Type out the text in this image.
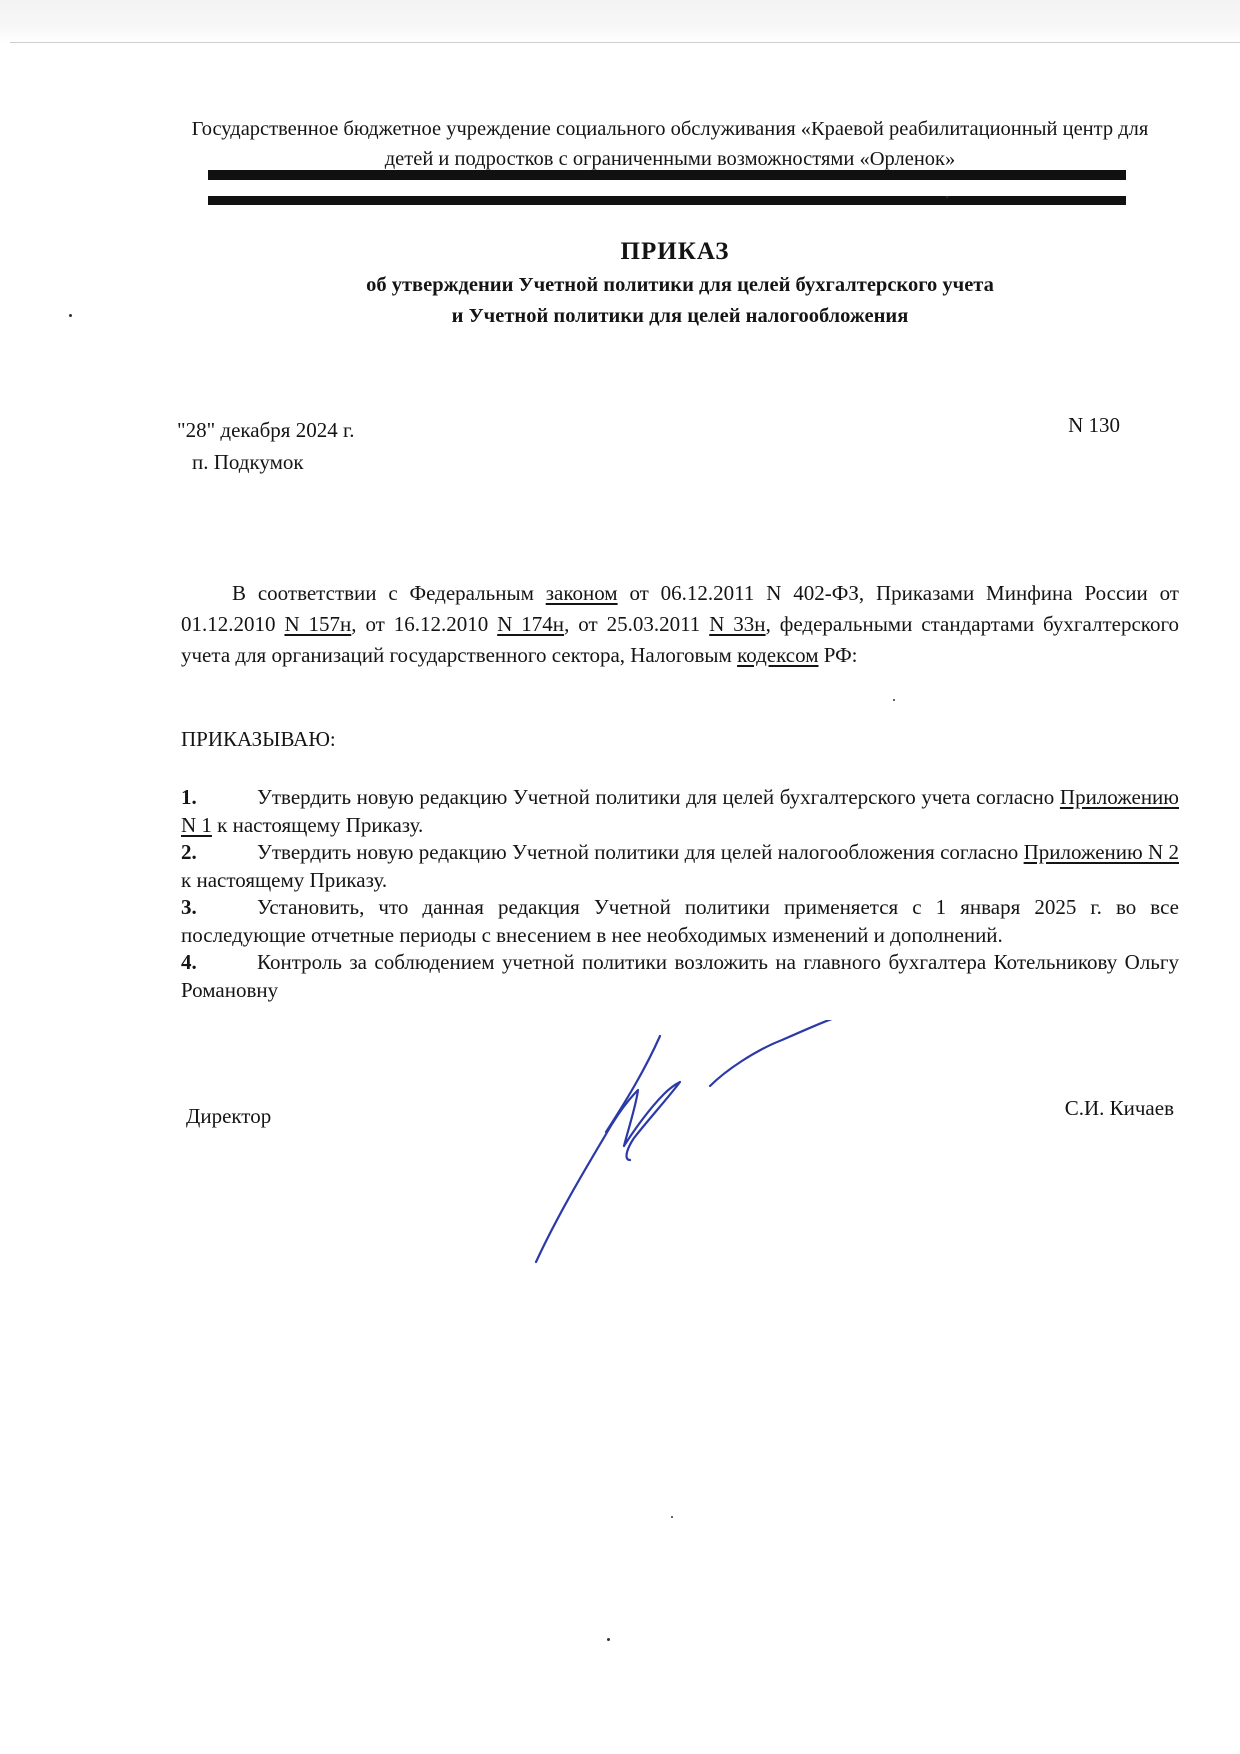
Государственное бюджетное учреждение социального обслуживания «Краевой реабилитационный центр для детей и подростков с ограниченными возможностями «Орленок»
ПРИКАЗ
об утверждении Учетной политики для целей бухгалтерского учета
и Учетной политики для целей налогообложения
"28" декабря 2024 г.
п. Подкумок
N 130
В соответствии с Федеральным законом от 06.12.2011 N 402-ФЗ, Приказами Минфина России от 01.12.2010 N 157н, от 16.12.2010 N 174н, от 25.03.2011 N 33н, федеральными стандартами бухгалтерского учета для организаций государственного сектора, Налоговым кодексом РФ:
ПРИКАЗЫВАЮ:
1.	Утвердить новую редакцию Учетной политики для целей бухгалтерского учета согласно Приложению N 1 к настоящему Приказу.
2.	Утвердить новую редакцию Учетной политики для целей налогообложения согласно Приложению N 2 к настоящему Приказу.
3.	Установить, что данная редакция Учетной политики применяется с 1 января 2025 г. во все последующие отчетные периоды с внесением в нее необходимых изменений и дополнений.
4.	Контроль за соблюдением учетной политики возложить на главного бухгалтера Котельникову Ольгу Романовну
Директор	С.И. Кичаев
